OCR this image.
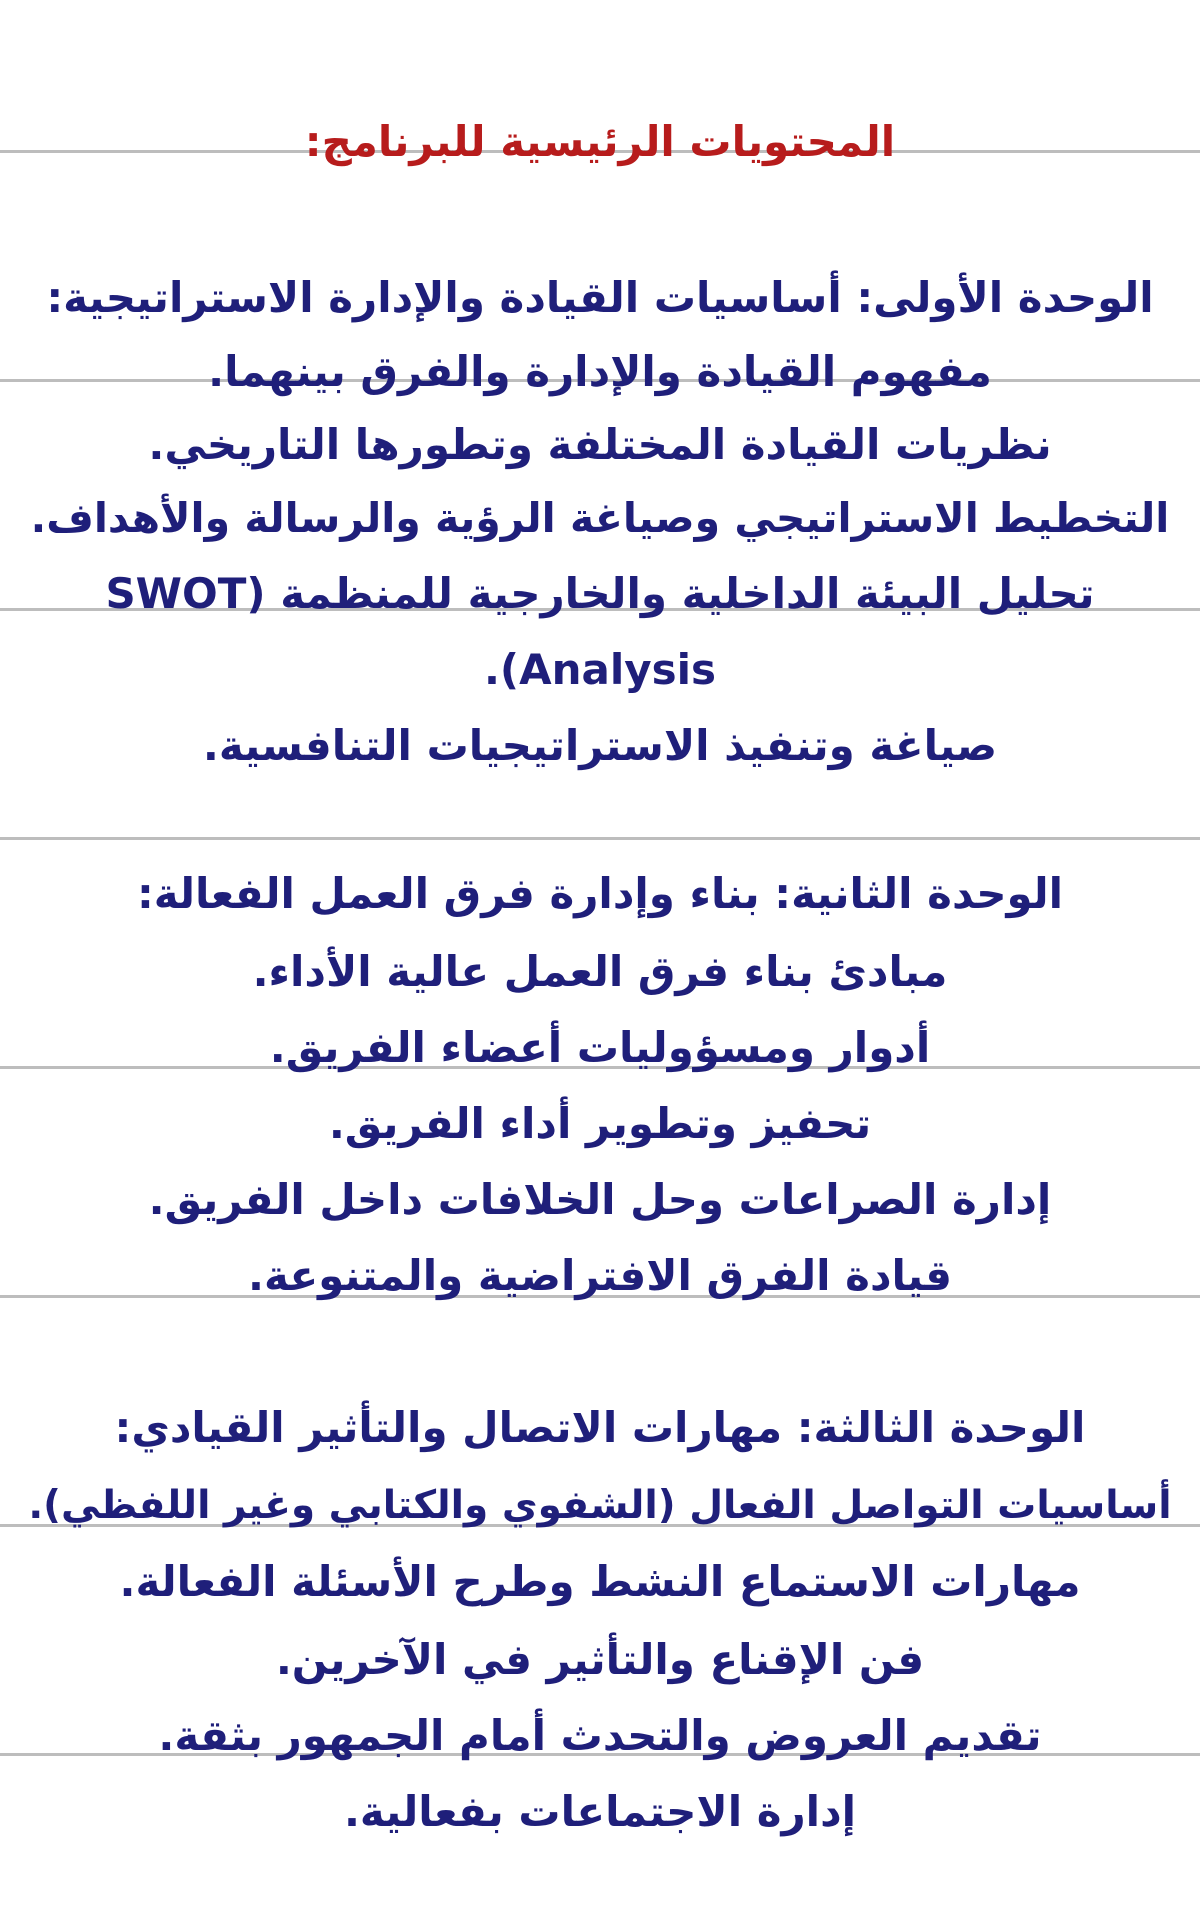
المحتويات الرئيسية للبرنامج:
الوحدة الأولى: أساسيات القيادة والإدارة الاستراتيجية:
مفهوم القيادة والإدارة والفرق بينهما.
نظريات القيادة المختلفة وتطورها التاريخي.
التخطيط الاستراتيجي وصياغة الرؤية والرسالة والأهداف.
تحليل البيئة الداخلية والخارجية للمنظمة (SWOT
Analysis).
صياغة وتنفيذ الاستراتيجيات التنافسية.
الوحدة الثانية: بناء وإدارة فرق العمل الفعالة:
مبادئ بناء فرق العمل عالية الأداء.
أدوار ومسؤوليات أعضاء الفريق.
تحفيز وتطوير أداء الفريق.
إدارة الصراعات وحل الخلافات داخل الفريق.
قيادة الفرق الافتراضية والمتنوعة.
الوحدة الثالثة: مهارات الاتصال والتأثير القيادي:
أساسيات التواصل الفعال (الشفوي والكتابي وغير اللفظي).
مهارات الاستماع النشط وطرح الأسئلة الفعالة.
فن الإقناع والتأثير في الآخرين.
تقديم العروض والتحدث أمام الجمهور بثقة.
إدارة الاجتماعات بفعالية.
